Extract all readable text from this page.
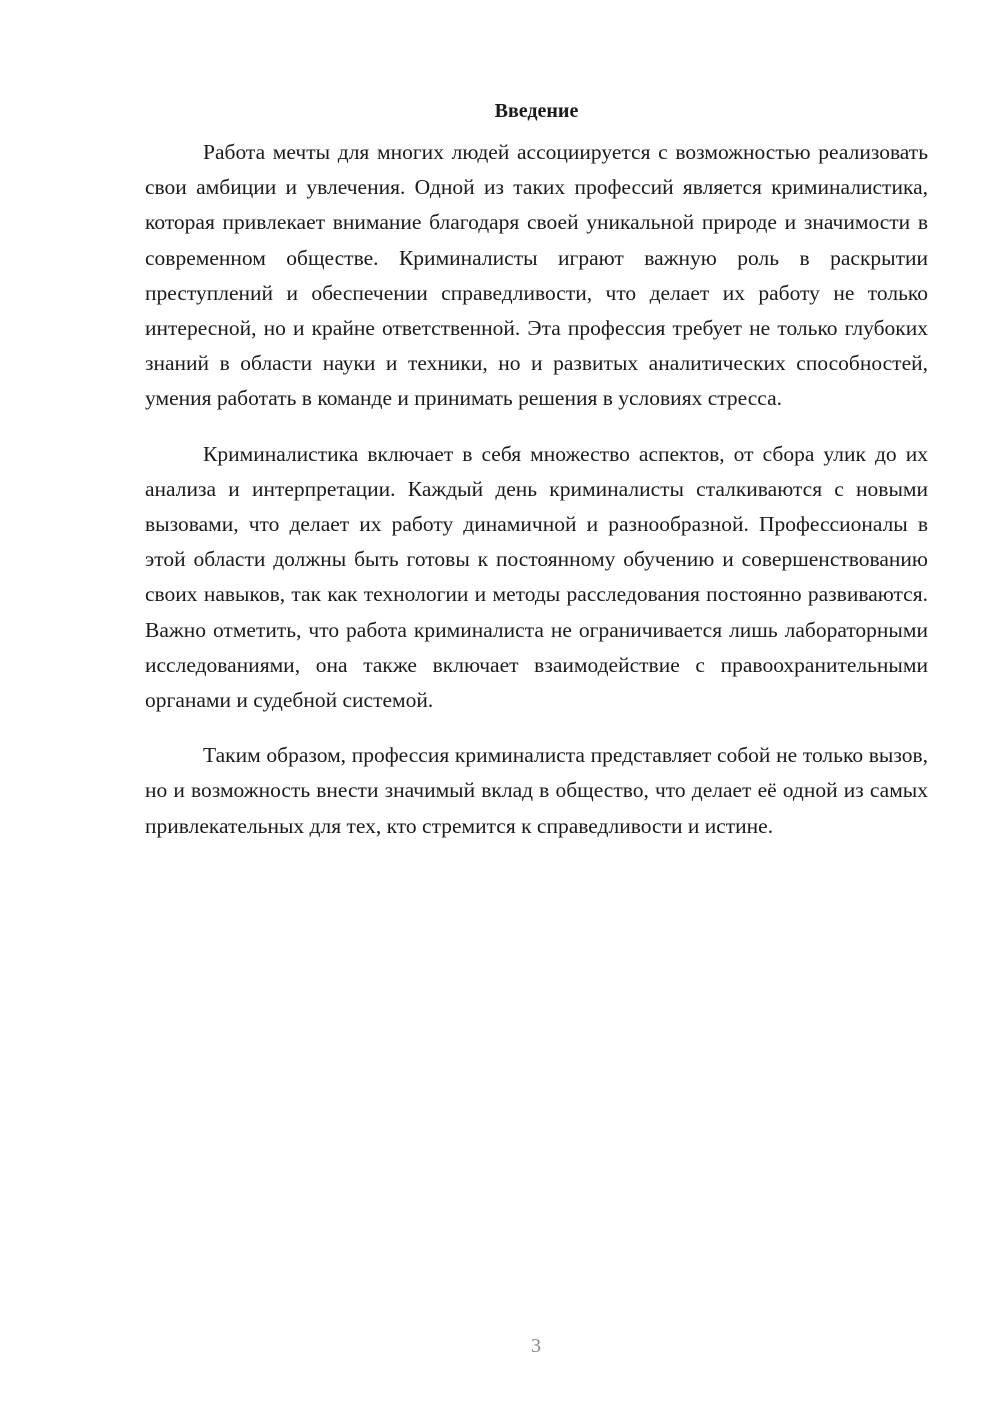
Введение

Работа мечты для многих людей ассоциируется с возможностью реализовать свои амбиции и увлечения. Одной из таких профессий является криминалистика, которая привлекает внимание благодаря своей уникальной природе и значимости в современном обществе. Криминалисты играют важную роль в раскрытии преступлений и обеспечении справедливости, что делает их работу не только интересной, но и крайне ответственной. Эта профессия требует не только глубоких знаний в области науки и техники, но и развитых аналитических способностей, умения работать в команде и принимать решения в условиях стресса.

Криминалистика включает в себя множество аспектов, от сбора улик до их анализа и интерпретации. Каждый день криминалисты сталкиваются с новыми вызовами, что делает их работу динамичной и разнообразной. Профессионалы в этой области должны быть готовы к постоянному обучению и совершенствованию своих навыков, так как технологии и методы расследования постоянно развиваются. Важно отметить, что работа криминалиста не ограничивается лишь лабораторными исследованиями, она также включает взаимодействие с правоохранительными органами и судебной системой.

Таким образом, профессия криминалиста представляет собой не только вызов, но и возможность внести значимый вклад в общество, что делает её одной из самых привлекательных для тех, кто стремится к справедливости и истине.

3
